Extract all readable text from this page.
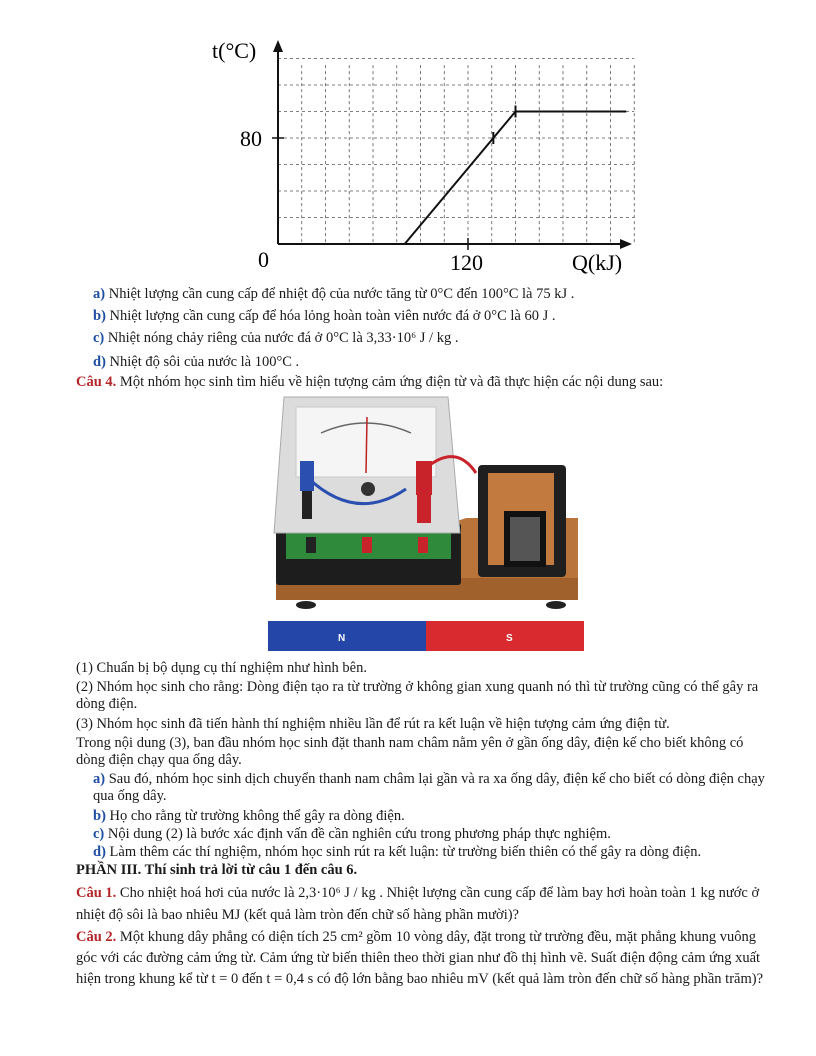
t(°C)
80
0	120	Q(kJ)
a) Nhiệt lượng cần cung cấp để nhiệt độ của nước tăng từ 0°C đến 100°C là 75 kJ .
b) Nhiệt lượng cần cung cấp để hóa lỏng hoàn toàn viên nước đá ở 0°C là 60 J .
c) Nhiệt nóng chảy riêng của nước đá ở 0°C là 3,33·10⁶ J / kg .
d) Nhiệt độ sôi của nước là 100°C .
Câu 4. Một nhóm học sinh tìm hiểu về hiện tượng cảm ứng điện từ và đã thực hiện các nội dung sau:
N	S
(1) Chuẩn bị bộ dụng cụ thí nghiệm như hình bên.
(2) Nhóm học sinh cho rằng: Dòng điện tạo ra từ trường ở không gian xung quanh nó thì từ trường cũng có thể gây ra dòng điện.
(3) Nhóm học sinh đã tiến hành thí nghiệm nhiều lần để rút ra kết luận về hiện tượng cảm ứng điện từ.
Trong nội dung (3), ban đầu nhóm học sinh đặt thanh nam châm nằm yên ở gần ống dây, điện kế cho biết không có dòng điện chạy qua ống dây.
a) Sau đó, nhóm học sinh dịch chuyển thanh nam châm lại gần và ra xa ống dây, điện kế cho biết có dòng điện chạy qua ống dây.
b) Họ cho rằng từ trường không thể gây ra dòng điện.
c) Nội dung (2) là bước xác định vấn đề cần nghiên cứu trong phương pháp thực nghiệm.
d) Làm thêm các thí nghiệm, nhóm học sinh rút ra kết luận: từ trường biến thiên có thể gây ra dòng điện.
PHẦN III. Thí sinh trả lời từ câu 1 đến câu 6.
Câu 1. Cho nhiệt hoá hơi của nước là 2,3·10⁶ J / kg . Nhiệt lượng cần cung cấp để làm bay hơi hoàn toàn 1 kg nước ở nhiệt độ sôi là bao nhiêu MJ (kết quả làm tròn đến chữ số hàng phần mười)?
Câu 2. Một khung dây phẳng có diện tích 25 cm² gồm 10 vòng dây, đặt trong từ trường đều, mặt phẳng khung vuông góc với các đường cảm ứng từ. Cảm ứng từ biến thiên theo thời gian như đồ thị hình vẽ. Suất điện động cảm ứng xuất hiện trong khung kể từ t = 0 đến t = 0,4 s có độ lớn bằng bao nhiêu mV (kết quả làm tròn đến chữ số hàng phần trăm)?
